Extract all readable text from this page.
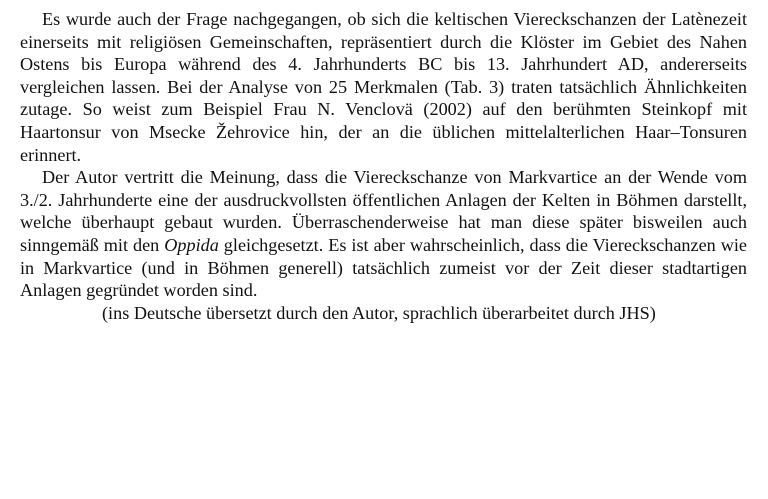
Es wurde auch der Frage nachgegangen, ob sich die keltischen Viereckschanzen der Latènezeit einerseits mit religiösen Gemeinschaften, repräsentiert durch die Klöster im Gebiet des Nahen Ostens bis Europa während des 4. Jahrhunderts BC bis 13. Jahrhundert AD, andererseits vergleichen lassen. Bei der Analyse von 25 Merkmalen (Tab. 3) traten tatsächlich Ähnlichkeiten zutage. So weist zum Beispiel Frau N. Venclovä (2002) auf den berühmten Steinkopf mit Haartonsur von Msecke Žehrovice hin, der an die üblichen mittelalterlichen Haar–Tonsuren erinnert.

Der Autor vertritt die Meinung, dass die Viereckschanze von Markvartice an der Wende vom 3./2. Jahrhunderte eine der ausdruckvollsten öffentlichen Anlagen der Kelten in Böhmen darstellt, welche überhaupt gebaut wurden. Überraschenderweise hat man diese später bisweilen auch sinngemäß mit den Oppida gleichgesetzt. Es ist aber wahrscheinlich, dass die Viereckschanzen wie in Markvartice (und in Böhmen generell) tatsächlich zumeist vor der Zeit dieser stadtartigen Anlagen gegründet worden sind.

(ins Deutsche übersetzt durch den Autor, sprachlich überarbeitet durch JHS)
